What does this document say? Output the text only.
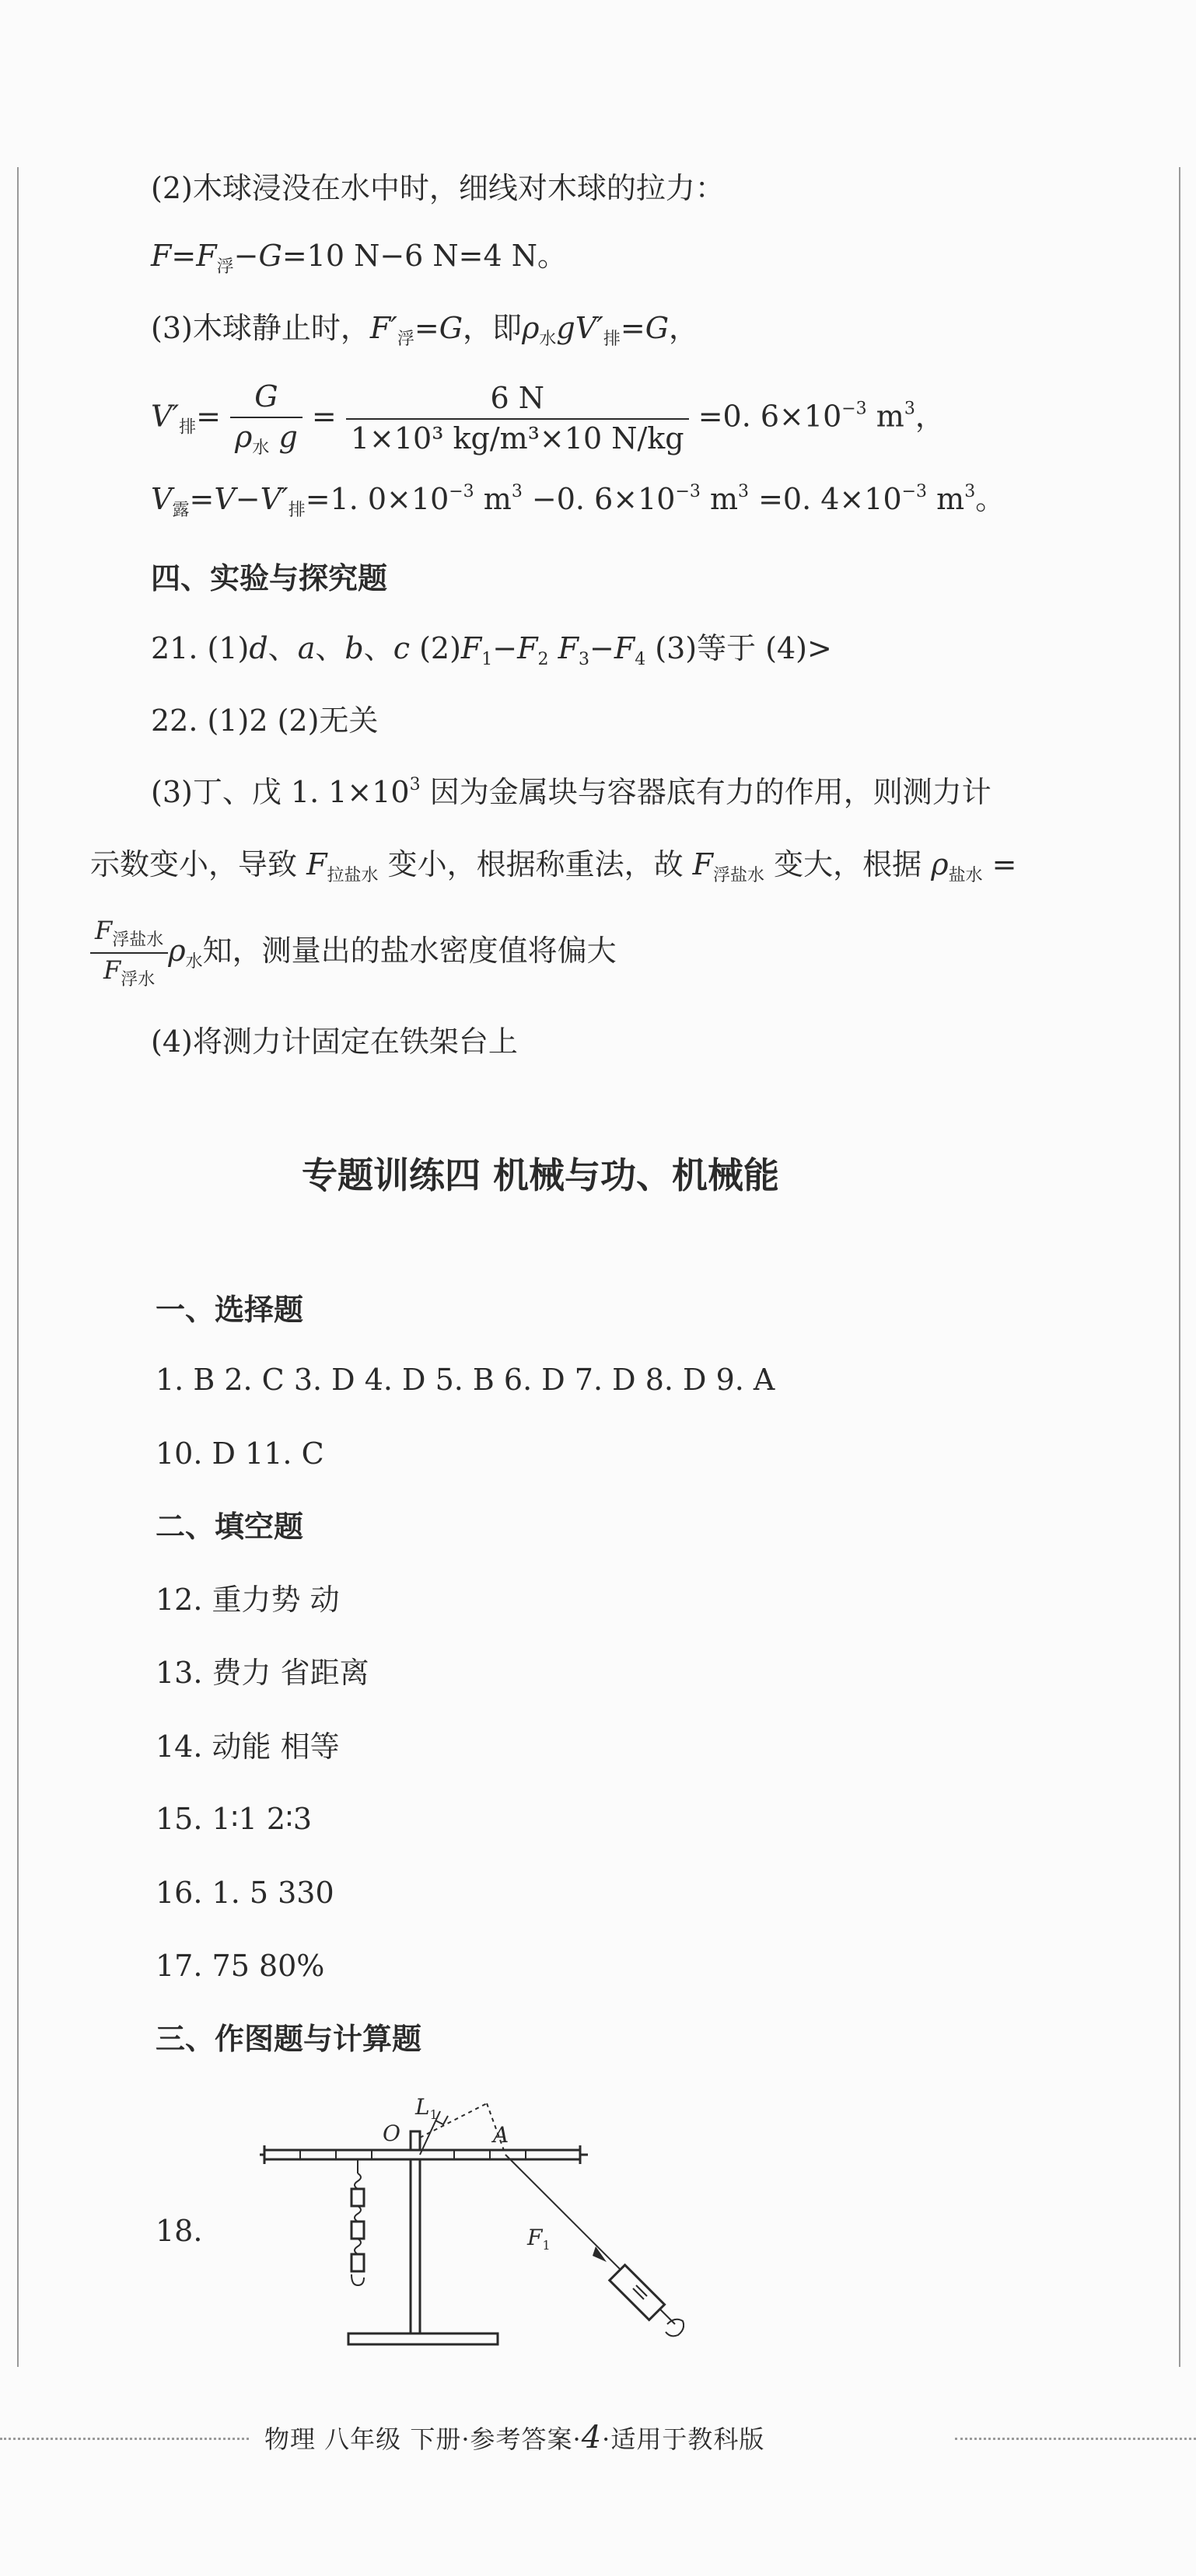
(2)木球浸没在水中时，细线对木球的拉力：
$F=F_浮-G=10$ N−6 N=4 N。
(3)木球静止时，$F'_浮=G$，即$\rho_水gV'_排=G$，
$V'_排= \frac{G}{\rho_水 g} = \frac{6 N}{\text{1×10³ kg/m³×10 N/kg}} =0$. $6\times 10^{-3}$ $m^3$，
$V_露=V-V'_排=1$. $0\times 10^{-3}$ $m^3 -0$. $6\times 10^{-3}$ $m^3 =0$. $4\times 10^{-3}$ $m^3$。
四、实验与探究题
21. (1)d、a、b、c $(2)F_1-F_2$ $F_3-F_4$ (3)等于 (4)>
22. (1)2 (2)无关
(3)丁、戊 1. $1\times 10^3$ 因为金属块与容器底有力的作用，则测力计
示数变小，导致 $F_{拉盐水}$ 变小，根据称重法，故 $F_{浮盐水}$ 变大，根据 $\rho_{盐水}$ =
$\frac{F_{浮盐水}}{F_{浮水}} \rho_水$知，测量出的盐水密度值将偏大
(4)将测力计固定在铁架台上
专题训练四 机械与功、机械能
一、选择题
1. B 2. C 3. D 4. D 5. B 6. D 7. D 8. D 9. A
10. D 11. C
二、填空题
12. 重力势 动
13. 费力 省距离
14. 动能 相等
15. 1∶1 2∶3
16. 1. 5 330
17. 75 80%
三、作图题与计算题
18.
$L_1$
O	A
$F_1$
物理 八年级 下册·参考答案·4·适用于教科版
